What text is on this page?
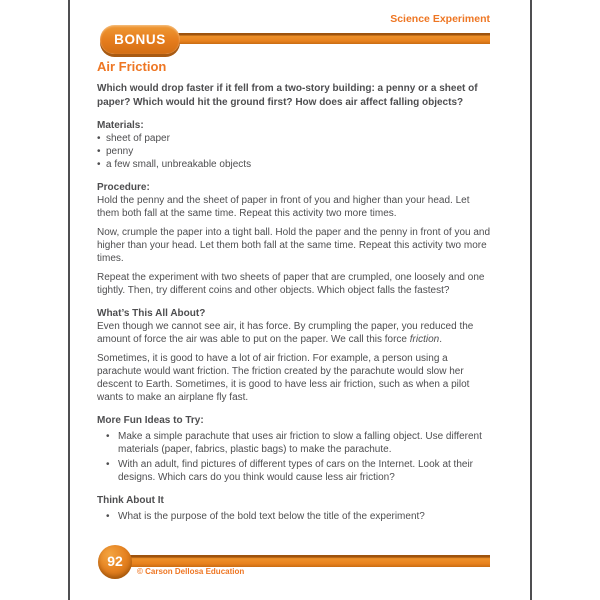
Science Experiment
BONUS
Air Friction

Which would drop faster if it fell from a two-story building: a penny or a sheet of paper? Which would hit the ground first? How does air affect falling objects?

Materials:
• sheet of paper
• penny
• a few small, unbreakable objects
Procedure:

Hold the penny and the sheet of paper in front of you and higher than your head. Let them both fall at the same time. Repeat this activity two more times.

Now, crumple the paper into a tight ball. Hold the paper and the penny in front of you and higher than your head. Let them both fall at the same time. Repeat this activity two more times.

Repeat the experiment with two sheets of paper that are crumpled, one loosely and one tightly. Then, try different coins and other objects. Which object falls the fastest?

What’s This All About?

Even though we cannot see air, it has force. By crumpling the paper, you reduced the amount of force the air was able to put on the paper. We call this force friction.

Sometimes, it is good to have a lot of air friction. For example, a person using a parachute would want friction. The friction created by the parachute would slow her descent to Earth. Sometimes, it is good to have less air friction, such as when a pilot wants to make an airplane fly fast.

More Fun Ideas to Try:
• Make a simple parachute that uses air friction to slow a falling object. Use different materials (paper, fabrics, plastic bags) to make the parachute.
• With an adult, find pictures of different types of cars on the Internet. Look at their designs. Which cars do you think would cause less air friction?
Think About It
• What is the purpose of the bold text below the title of the experiment?
92
© Carson Dellosa Education
